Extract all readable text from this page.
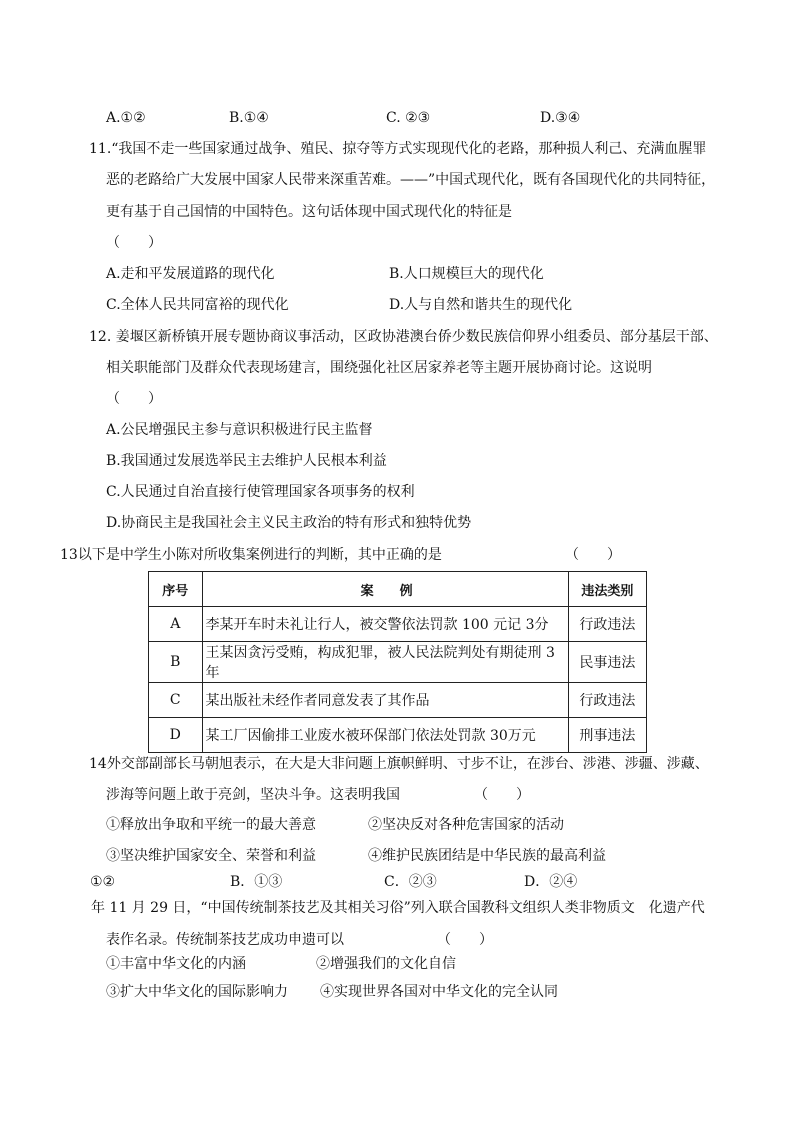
A.①②	B.①④	C. ②③	D.③④
11.“我国不走一些国家通过战争、殖民、掠夺等方式实现现代化的老路，那种损人利己、充满血腥罪
恶的老路给广大发展中国家人民带来深重苦难。——”中国式现代化，既有各国现代化的共同特征，
更有基于自己国情的中国特色。这句话体现中国式现代化的特征是
（　　）
A.走和平发展道路的现代化	B.人口规模巨大的现代化
C.全体人民共同富裕的现代化	D.人与自然和谐共生的现代化
12. 姜堰区新桥镇开展专题协商议事活动，区政协港澳台侨少数民族信仰界小组委员、部分基层干部、
相关职能部门及群众代表现场建言，围绕强化社区居家养老等主题开展协商讨论。这说明
（　　）
A.公民增强民主参与意识积极进行民主监督
B.我国通过发展选举民主去维护人民根本利益
C.人民通过自治直接行使管理国家各项事务的权利
D.协商民主是我国社会主义民主政治的特有形式和独特优势
13以下是中学生小陈对所收集案例进行的判断，其中正确的是	（　　）
序号	案　　例	违法类别
A	李某开车时未礼让行人，被交警依法罚款 100 元记 3分	行政违法
B	王某因贪污受贿，构成犯罪，被人民法院判处有期徒刑 3年	民事违法
C	某出版社未经作者同意发表了其作品	行政违法
D	某工厂因偷排工业废水被环保部门依法处罚款 30万元	刑事违法
14外交部副部长马朝旭表示，在大是大非问题上旗帜鲜明、寸步不让，在涉台、涉港、涉疆、涉藏、
涉海等问题上敢于亮剑，坚决斗争。这表明我国	（　　）
①释放出争取和平统一的最大善意	②坚决反对各种危害国家的活动
③坚决维护国家安全、荣誉和利益	④维护民族团结是中华民族的最高利益
①②	B．①③	C．②③	D．②④
年 11 月 29 日，“中国传统制茶技艺及其相关习俗”列入联合国教科文组织人类非物质文　化遗产代
表作名录。传统制茶技艺成功申遗可以	（　　）
①丰富中华文化的内涵	②增强我们的文化自信
③扩大中华文化的国际影响力 ④实现世界各国对中华文化的完全认同
